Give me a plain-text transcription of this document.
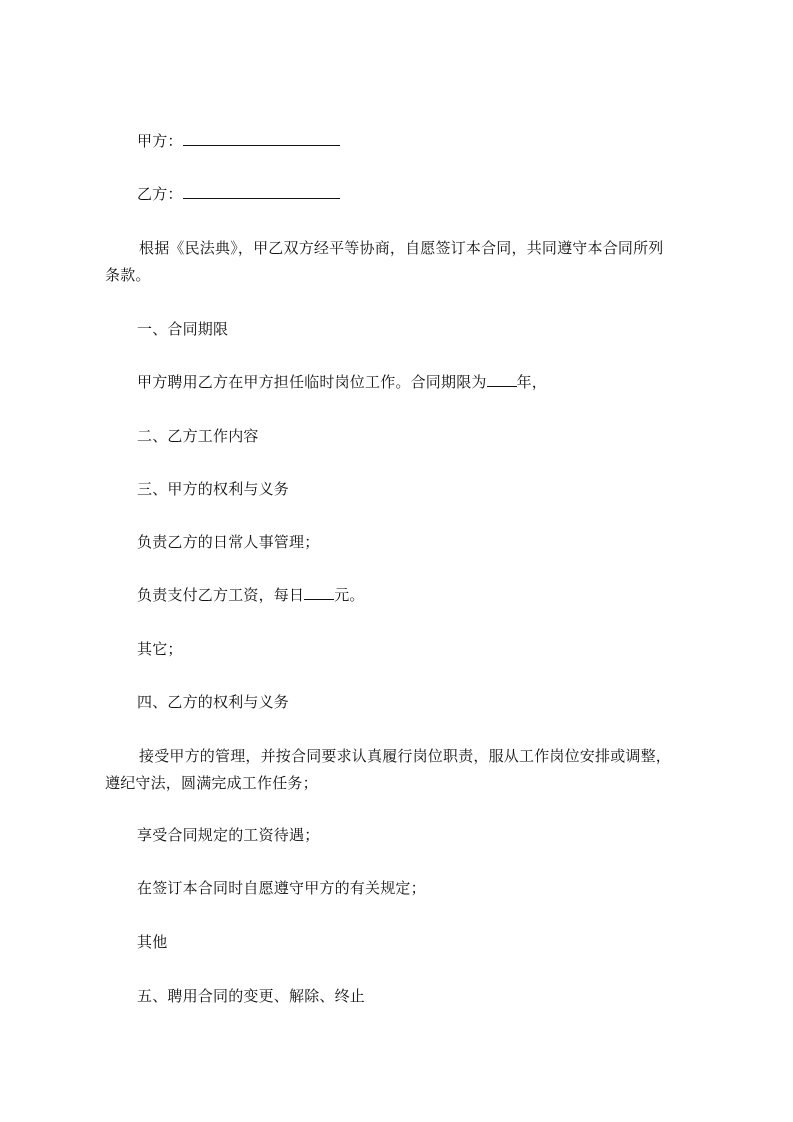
甲方：
乙方：
根据《民法典》，甲乙双方经平等协商，自愿签订本合同，共同遵守本合同所列
条款。
一、合同期限
甲方聘用乙方在甲方担任临时岗位工作。合同期限为 年，
二、乙方工作内容
三、甲方的权利与义务
负责乙方的日常人事管理；
负责支付乙方工资，每日 元。
其它；
四、乙方的权利与义务
接受甲方的管理，并按合同要求认真履行岗位职责，服从工作岗位安排或调整，
遵纪守法，圆满完成工作任务；
享受合同规定的工资待遇；
在签订本合同时自愿遵守甲方的有关规定；
其他
五、聘用合同的变更、解除、终止
